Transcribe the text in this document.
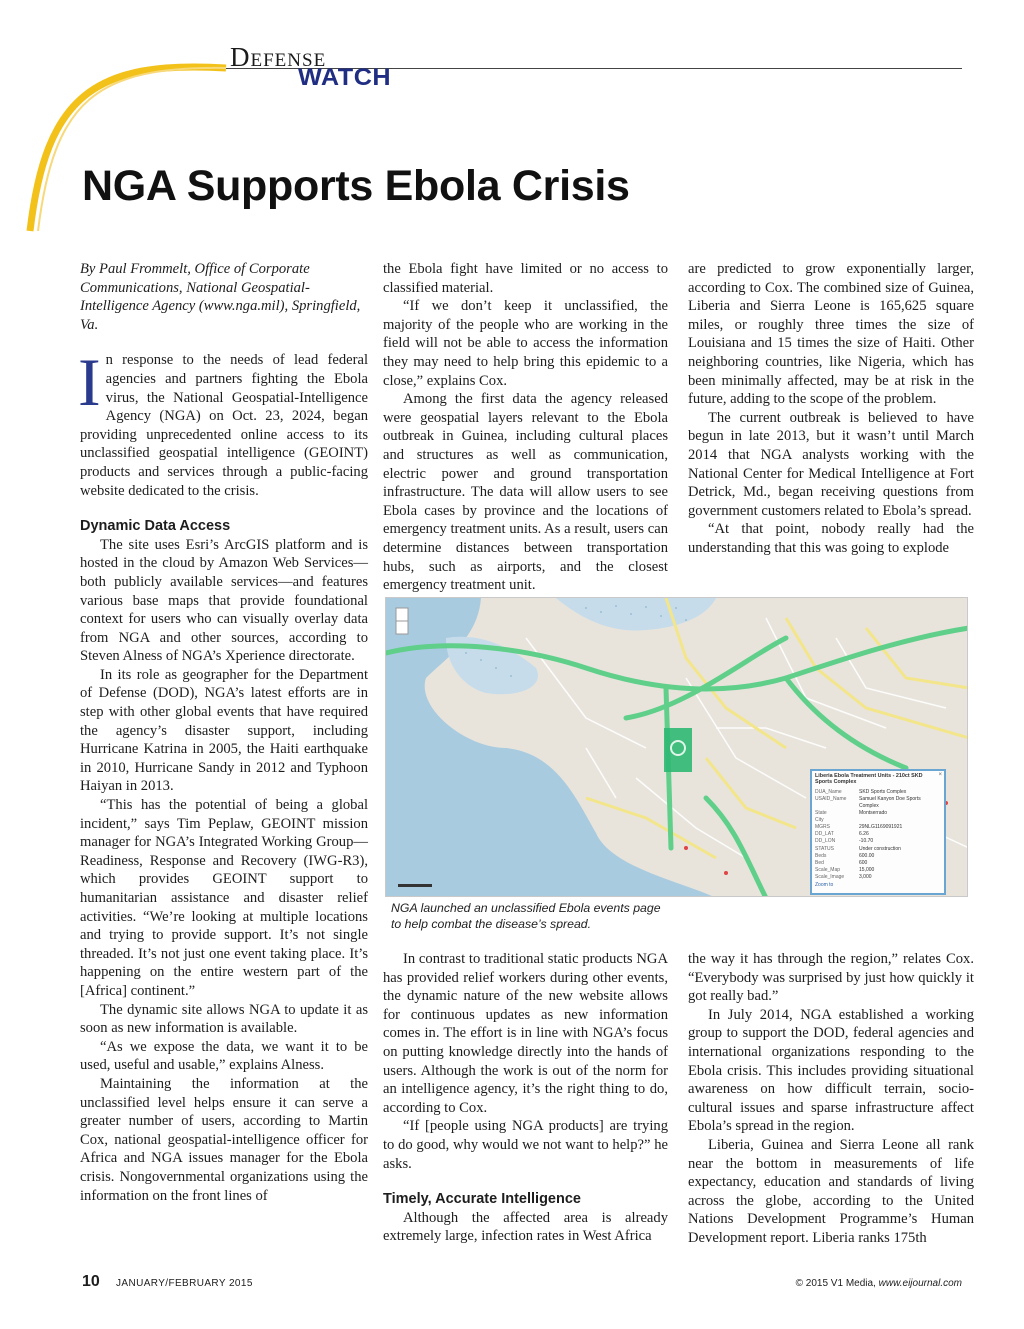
Defense
WATCH
NGA Supports Ebola Crisis

By Paul Frommelt, Office of Corporate Communications, National Geospatial-Intelligence Agency (www.nga.mil), Springfield, Va.

In response to the needs of lead federal agencies and partners fighting the Ebola virus, the National Geospatial-Intelligence Agency (NGA) on Oct. 23, 2024, began providing unprecedented online access to its unclassified geospatial intelligence (GEOINT) products and services through a public-facing website dedicated to the crisis.

Dynamic Data Access

The site uses Esri’s ArcGIS platform and is hosted in the cloud by Amazon Web Services—both publicly available services—and features various base maps that provide foundational context for users who can visually overlay data from NGA and other sources, according to Steven Alness of NGA’s Xperience directorate.

In its role as geographer for the Department of Defense (DOD), NGA’s latest efforts are in step with other global events that have required the agency’s disaster support, including Hurricane Katrina in 2005, the Haiti earthquake in 2010, Hurricane Sandy in 2012 and Typhoon Haiyan in 2013.

“This has the potential of being a global incident,” says Tim Peplaw, GEOINT mission manager for NGA’s Integrated Working Group—Readiness, Response and Recovery (IWG-R3), which provides GEOINT support to humanitarian assistance and disaster relief activities. “We’re looking at multiple locations and trying to provide support. It’s not single threaded. It’s not just one event taking place. It’s happening on the entire western part of the [Africa] continent.”

The dynamic site allows NGA to update it as soon as new information is available.

“As we expose the data, we want it to be used, useful and usable,” explains Alness.

Maintaining the information at the unclassified level helps ensure it can serve a greater number of users, according to Martin Cox, national geospatial-intelligence officer for Africa and NGA issues manager for the Ebola crisis. Nongovernmental organizations using the information on the front lines of

the Ebola fight have limited or no access to classified material.

“If we don’t keep it unclassified, the majority of the people who are working in the field will not be able to access the information they may need to help bring this epidemic to a close,” explains Cox.

Among the first data the agency released were geospatial layers relevant to the Ebola outbreak in Guinea, including cultural places and structures as well as communication, electric power and ground transportation infrastructure. The data will allow users to see Ebola cases by province and the locations of emergency treatment units. As a result, users can determine distances between transportation hubs, such as airports, and the closest emergency treatment unit.

are predicted to grow exponentially larger, according to Cox. The combined size of Guinea, Liberia and Sierra Leone is 165,625 square miles, or roughly three times the size of Louisiana and 15 times the size of Haiti. Other neighboring countries, like Nigeria, which has been minimally affected, may be at risk in the future, adding to the scope of the problem.

The current outbreak is believed to have begun in late 2013, but it wasn’t until March 2014 that NGA analysts working with the National Center for Medical Intelligence at Fort Detrick, Md., began receiving questions from government customers related to Ebola’s spread.

“At that point, nobody really had the understanding that this was going to explode

×
Liberia Ebola Treatment Units - 210ct SKD Sports Complex
DUA_Name	SKD Sports Complex
USAID_Name	Samuel Kanyon Doe Sports Complex
State	Montserrado
City
MGRS	29NLG1169091921
DD_LAT	6.26
DD_LON	-10.70
STATUS	Under construction
Beds	600.00
Bed	600
Scale_Map	15,000
Scale_Image	3,000
Zoom to

NGA launched an unclassified Ebola events page to help combat the disease’s spread.

In contrast to traditional static products NGA has provided relief workers during other events, the dynamic nature of the new website allows for continuous updates as new information comes in. The effort is in line with NGA’s focus on putting knowledge directly into the hands of users. Although the work is out of the norm for an intelligence agency, it’s the right thing to do, according to Cox.

“If [people using NGA products] are trying to do good, why would we not want to help?” he asks.

Timely, Accurate Intelligence

Although the affected area is already extremely large, infection rates in West Africa

the way it has through the region,” relates Cox. “Everybody was surprised by just how quickly it got really bad.”

In July 2014, NGA established a working group to support the DOD, federal agencies and international organizations responding to the Ebola crisis. This includes providing situational awareness on how difficult terrain, socio-cultural issues and sparse infrastructure affect Ebola’s spread in the region.

Liberia, Guinea and Sierra Leone all rank near the bottom in measurements of life expectancy, education and standards of living across the globe, according to the United Nations Development Programme’s Human Development report. Liberia ranks 175th

10 JANUARY/FEBRUARY 2015	© 2015 V1 Media, www.eijournal.com
